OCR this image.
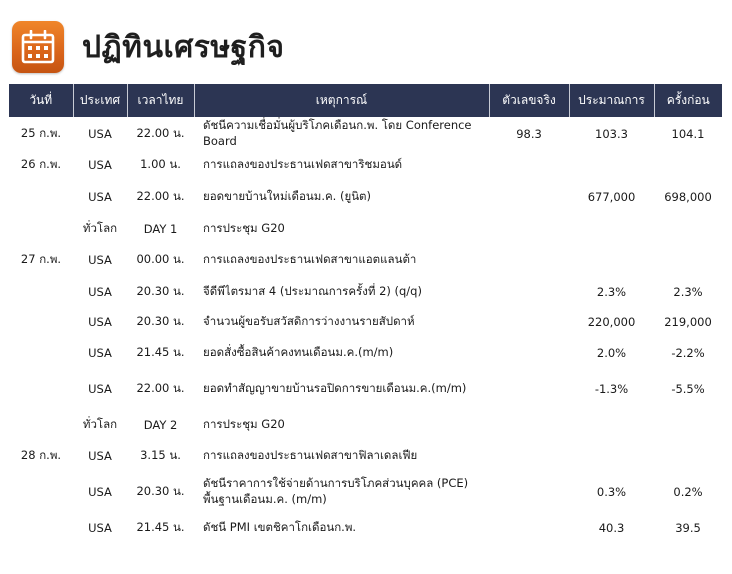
ปฏิทินเศรษฐกิจ
วันที่	ประเทศ	เวลาไทย	เหตุการณ์	ตัวเลขจริง	ประมาณการ	ครั้งก่อน
25 ก.พ.	USA	22.00 น.	ดัชนีความเชื่อมั่นผู้บริโภคเดือนก.พ. โดย Conference Board	98.3	103.3	104.1
26 ก.พ.	USA	1.00 น.	การแถลงของประธานเฟดสาขาริชมอนด์			
	USA	22.00 น.	ยอดขายบ้านใหม่เดือนม.ค. (ยูนิต)		677,000	698,000
	ทั่วโลก	DAY 1	การประชุม G20			
27 ก.พ.	USA	00.00 น.	การแถลงของประธานเฟดสาขาแอตแลนต้า			
	USA	20.30 น.	จีดีพีไตรมาส 4 (ประมาณการครั้งที่ 2) (q/q)		2.3%	2.3%
	USA	20.30 น.	จำนวนผู้ขอรับสวัสดิการว่างงานรายสัปดาห์		220,000	219,000
	USA	21.45 น.	ยอดสั่งซื้อสินค้าคงทนเดือนม.ค.(m/m)		2.0%	-2.2%
	USA	22.00 น.	ยอดทำสัญญาขายบ้านรอปิดการขายเดือนม.ค.(m/m)		-1.3%	-5.5%
	ทั่วโลก	DAY 2	การประชุม G20			
28 ก.พ.	USA	3.15 น.	การแถลงของประธานเฟดสาขาฟิลาเดลเฟีย			
	USA	20.30 น.	ดัชนีราคาการใช้จ่ายด้านการบริโภคส่วนบุคคล (PCE) พื้นฐานเดือนม.ค. (m/m)		0.3%	0.2%
	USA	21.45 น.	ดัชนี PMI เขตชิคาโกเดือนก.พ.		40.3	39.5
